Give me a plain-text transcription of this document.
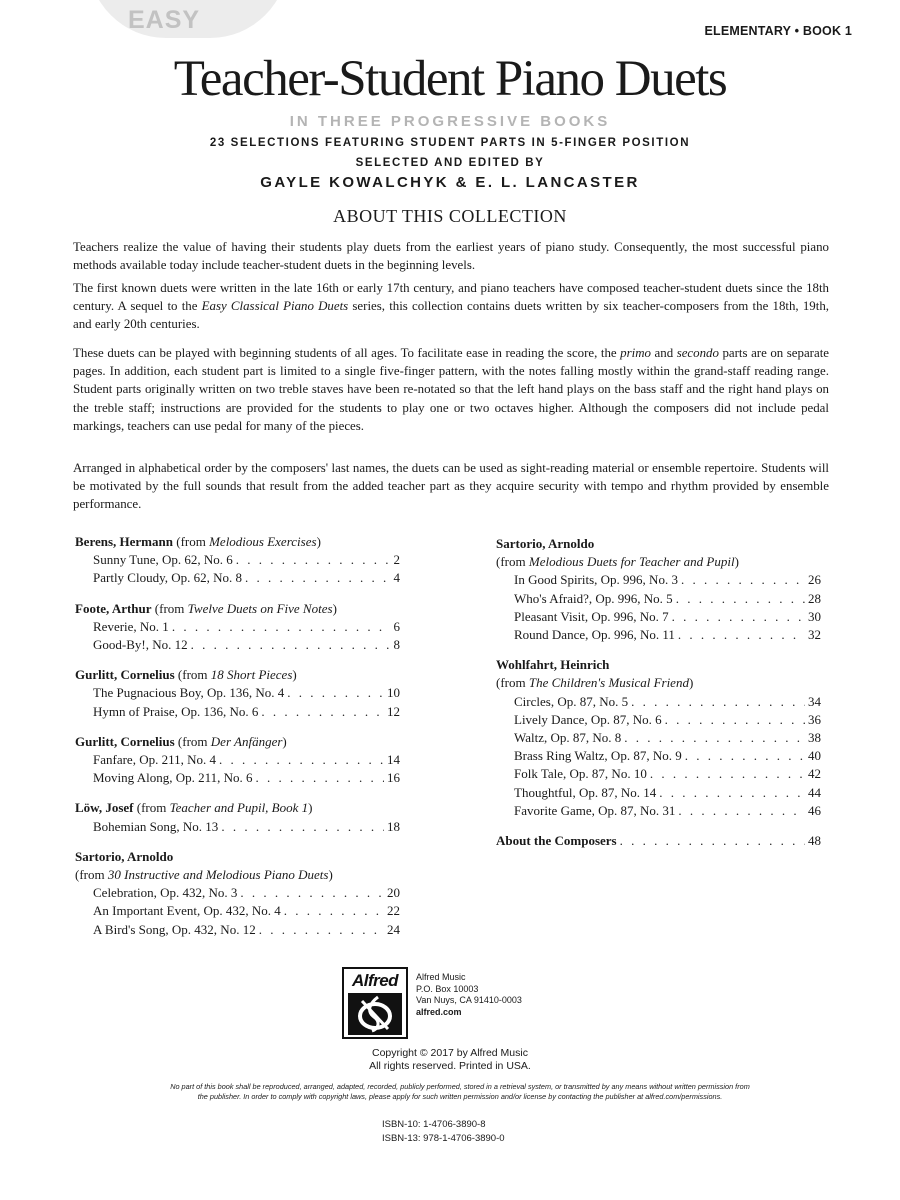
EASY	ELEMENTARY • BOOK 1
Teacher-Student Piano Duets
IN THREE PROGRESSIVE BOOKS
23 SELECTIONS FEATURING STUDENT PARTS IN 5-FINGER POSITION
SELECTED AND EDITED BY
GAYLE KOWALCHYK & E. L. LANCASTER
ABOUT THIS COLLECTION

Teachers realize the value of having their students play duets from the earliest years of piano study. Consequently, the most successful piano methods available today include teacher-student duets in the beginning levels.

The first known duets were written in the late 16th or early 17th century, and piano teachers have composed teacher-student duets since the 18th century. A sequel to the Easy Classical Piano Duets series, this collection contains duets written by six teacher-composers from the 18th, 19th, and early 20th centuries.

These duets can be played with beginning students of all ages. To facilitate ease in reading the score, the primo and secondo parts are on separate pages. In addition, each student part is limited to a single five-finger pattern, with the notes falling mostly within the grand-staff reading range. Student parts originally written on two treble staves have been re-notated so that the left hand plays on the bass staff and the right hand plays on the treble staff; instructions are provided for the students to play one or two octaves higher. Although the composers did not include pedal markings, teachers can use pedal for many of the pieces.

Arranged in alphabetical order by the composers' last names, the duets can be used as sight-reading material or ensemble repertoire. Students will be motivated by the full sounds that result from the added teacher part as they acquire security with tempo and rhythm provided by ensemble performance.

Berens, Hermann (from Melodious Exercises)
Sunny Tune, Op. 62, No. 6 . . .	2
Partly Cloudy, Op. 62, No. 8 . . .	4
Foote, Arthur (from Twelve Duets on Five Notes)
Reverie, No. 1 . . .	6
Good-By!, No. 12 . . .	8
Gurlitt, Cornelius (from 18 Short Pieces)
The Pugnacious Boy, Op. 136, No. 4 . . .	10
Hymn of Praise, Op. 136, No. 6 . . .	12
Gurlitt, Cornelius (from Der Anfänger)
Fanfare, Op. 211, No. 4 . . .	14
Moving Along, Op. 211, No. 6 . . .	16
Löw, Josef (from Teacher and Pupil, Book 1)
Bohemian Song, No. 13 . . .	18
Sartorio, Arnoldo
(from 30 Instructive and Melodious Piano Duets)
Celebration, Op. 432, No. 3 . . .	20
An Important Event, Op. 432, No. 4 . . .	22
A Bird's Song, Op. 432, No. 12 . . .	24
Sartorio, Arnoldo
(from Melodious Duets for Teacher and Pupil)
In Good Spirits, Op. 996, No. 3 . . .	26
Who's Afraid?, Op. 996, No. 5 . . .	28
Pleasant Visit, Op. 996, No. 7 . . .	30
Round Dance, Op. 996, No. 11 . . .	32
Wohlfahrt, Heinrich
(from The Children's Musical Friend)
Circles, Op. 87, No. 5 . . .	34
Lively Dance, Op. 87, No. 6 . . .	36
Waltz, Op. 87, No. 8 . . .	38
Brass Ring Waltz, Op. 87, No. 9 . . .	40
Folk Tale, Op. 87, No. 10 . . .	42
Thoughtful, Op. 87, No. 14 . . .	44
Favorite Game, Op. 87, No. 31 . . .	46
About the Composers . . .	48
Alfred	Alfred Music
P.O. Box 10003
Van Nuys, CA 91410-0003
alfred.com
Copyright © 2017 by Alfred Music
All rights reserved. Printed in USA.
No part of this book shall be reproduced, arranged, adapted, recorded, publicly performed, stored in a retrieval system, or transmitted by any means without written permission from the publisher. In order to comply with copyright laws, please apply for such written permission and/or license by contacting the publisher at alfred.com/permissions.
ISBN-10: 1-4706-3890-8
ISBN-13: 978-1-4706-3890-0
